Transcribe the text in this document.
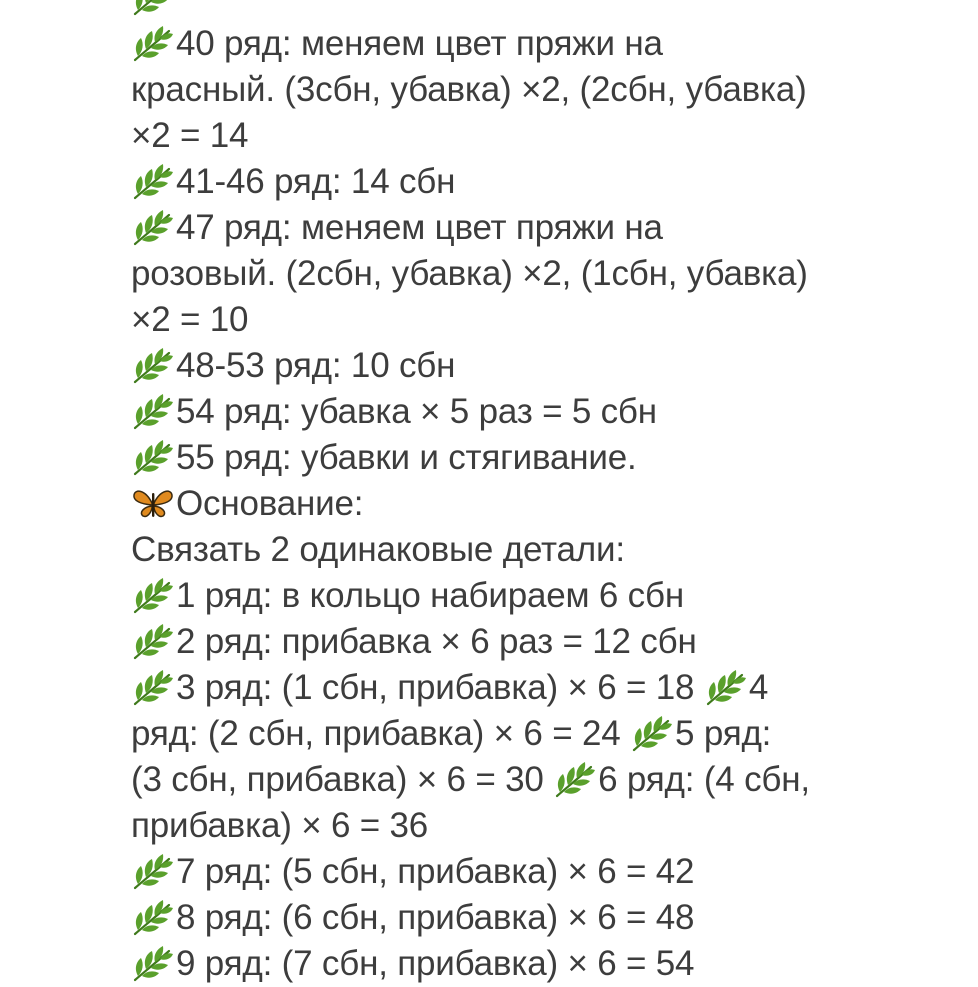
40 ряд: меняем цвет пряжи на
красный. (3сбн, убавка) ×2, (2сбн, убавка)
×2 = 14
41-46 ряд: 14 сбн
47 ряд: меняем цвет пряжи на
розовый. (2сбн, убавка) ×2, (1сбн, убавка)
×2 = 10
48-53 ряд: 10 сбн
54 ряд: убавка × 5 раз = 5 сбн
55 ряд: убавки и стягивание.
Основание:
Связать 2 одинаковые детали:
1 ряд: в кольцо набираем 6 сбн
2 ряд: прибавка × 6 раз = 12 сбн
3 ряд: (1 сбн, прибавка) × 6 = 18
4
ряд: (2 сбн, прибавка) × 6 = 24
5 ряд:
(3 сбн, прибавка) × 6 = 30
6 ряд: (4 сбн,
прибавка) × 6 = 36
7 ряд: (5 сбн, прибавка) × 6 = 42
8 ряд: (6 сбн, прибавка) × 6 = 48
9 ряд: (7 сбн, прибавка) × 6 = 54
